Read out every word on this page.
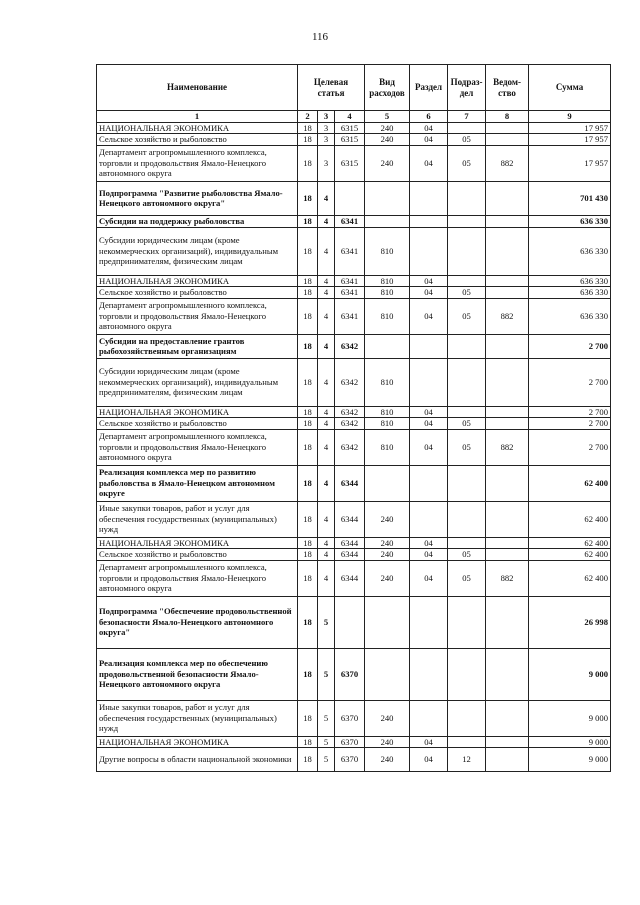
116
Наименование	Целевая статья			Вид расходов	Раздел	Подраз-дел	Ведом-ство	Сумма
1	2	3	4	5	6	7	8	9
НАЦИОНАЛЬНАЯ ЭКОНОМИКА	18	3	6315	240	04			17 957
Сельское хозяйство и рыболовство	18	3	6315	240	04	05		17 957
Департамент агропромышленного комплекса, торговли и продовольствия Ямало-Ненецкого автономного округа	18	3	6315	240	04	05	882	17 957
Подпрограмма "Развитие рыболовства Ямало-Ненецкого автономного округа"	18	4						701 430
Субсидии на поддержку рыболовства	18	4	6341					636 330
Субсидии юридическим лицам (кроме некоммерческих организаций), индивидуальным предпринимателям, физическим лицам	18	4	6341	810				636 330
НАЦИОНАЛЬНАЯ ЭКОНОМИКА	18	4	6341	810	04			636 330
Сельское хозяйство и рыболовство	18	4	6341	810	04	05		636 330
Департамент агропромышленного комплекса, торговли и продовольствия Ямало-Ненецкого автономного округа	18	4	6341	810	04	05	882	636 330
Субсидии на предоставление грантов рыбохозяйственным организациям	18	4	6342					2 700
Субсидии юридическим лицам (кроме некоммерческих организаций), индивидуальным предпринимателям, физическим лицам	18	4	6342	810				2 700
НАЦИОНАЛЬНАЯ ЭКОНОМИКА	18	4	6342	810	04			2 700
Сельское хозяйство и рыболовство	18	4	6342	810	04	05		2 700
Департамент агропромышленного комплекса, торговли и продовольствия Ямало-Ненецкого автономного округа	18	4	6342	810	04	05	882	2 700
Реализация комплекса мер по развитию рыболовства в Ямало-Ненецком автономном округе	18	4	6344					62 400
Иные закупки товаров, работ и услуг для обеспечения государственных (муниципальных) нужд	18	4	6344	240				62 400
НАЦИОНАЛЬНАЯ ЭКОНОМИКА	18	4	6344	240	04			62 400
Сельское хозяйство и рыболовство	18	4	6344	240	04	05		62 400
Департамент агропромышленного комплекса, торговли и продовольствия Ямало-Ненецкого автономного округа	18	4	6344	240	04	05	882	62 400
Подпрограмма "Обеспечение продовольственной безопасности Ямало-Ненецкого автономного округа"	18	5						26 998
Реализация комплекса мер по обеспечению продовольственной безопасности Ямало-Ненецкого автономного округа	18	5	6370					9 000
Иные закупки товаров, работ и услуг для обеспечения государственных (муниципальных) нужд	18	5	6370	240				9 000
НАЦИОНАЛЬНАЯ ЭКОНОМИКА	18	5	6370	240	04			9 000
Другие вопросы в области национальной экономики	18	5	6370	240	04	12		9 000
